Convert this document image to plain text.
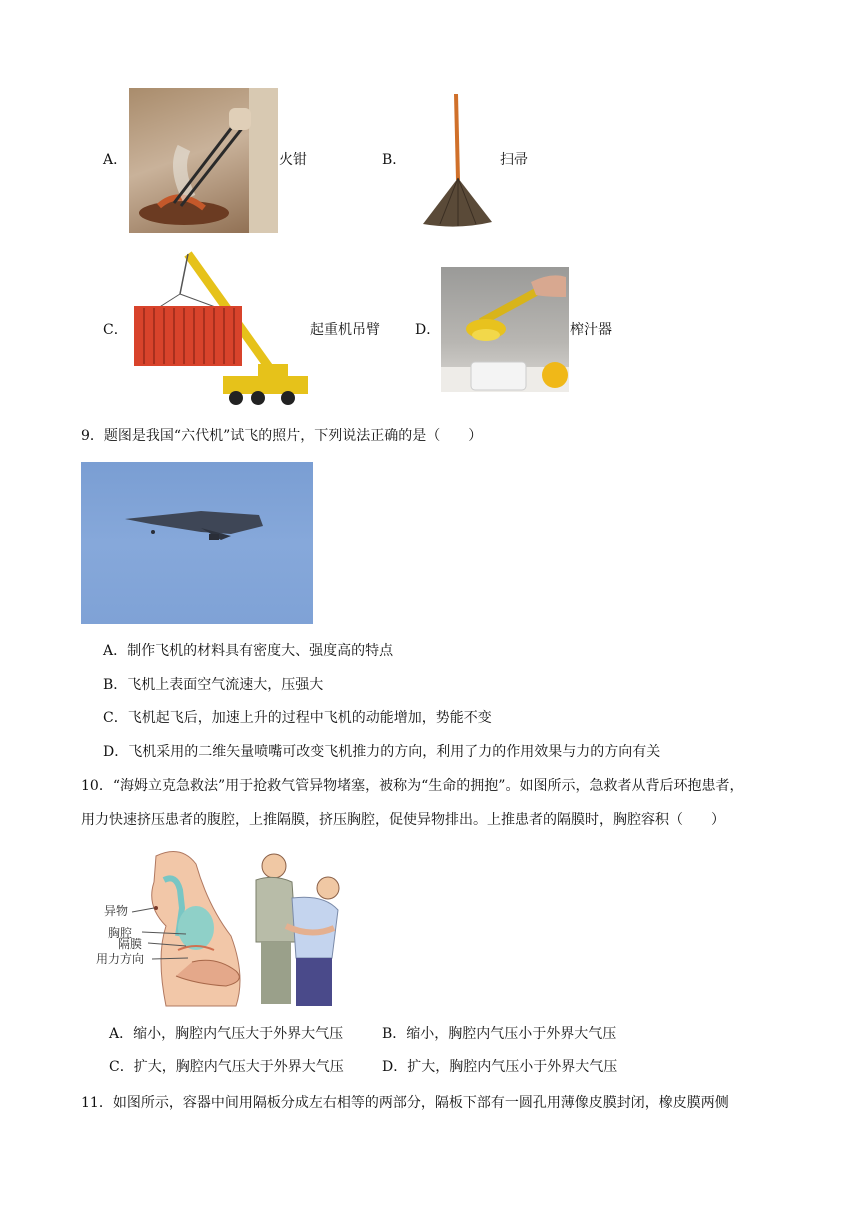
A．	火钳	B．	扫帚
C．	起重机吊臂	D．	榨汁器
9．题图是我国“六代机”试飞的照片，下列说法正确的是（　　）
A．制作飞机的材料具有密度大、强度高的特点
B．飞机上表面空气流速大，压强大
C．飞机起飞后，加速上升的过程中飞机的动能增加，势能不变
D．飞机采用的二维矢量喷嘴可改变飞机推力的方向，利用了力的作用效果与力的方向有关
10．“海姆立克急救法”用于抢救气管异物堵塞，被称为“生命的拥抱”。如图所示，急救者从背后环抱患者，
用力快速挤压患者的腹腔，上推隔膜，挤压胸腔，促使异物排出。上推患者的隔膜时，胸腔容积（　　）
异物
胸腔
隔膜
用力方向
A．缩小，胸腔内气压大于外界大气压	B．缩小，胸腔内气压小于外界大气压
C．扩大，胸腔内气压大于外界大气压	D．扩大，胸腔内气压小于外界大气压
11．如图所示，容器中间用隔板分成左右相等的两部分，隔板下部有一圆孔用薄像皮膜封闭，橡皮膜两侧
